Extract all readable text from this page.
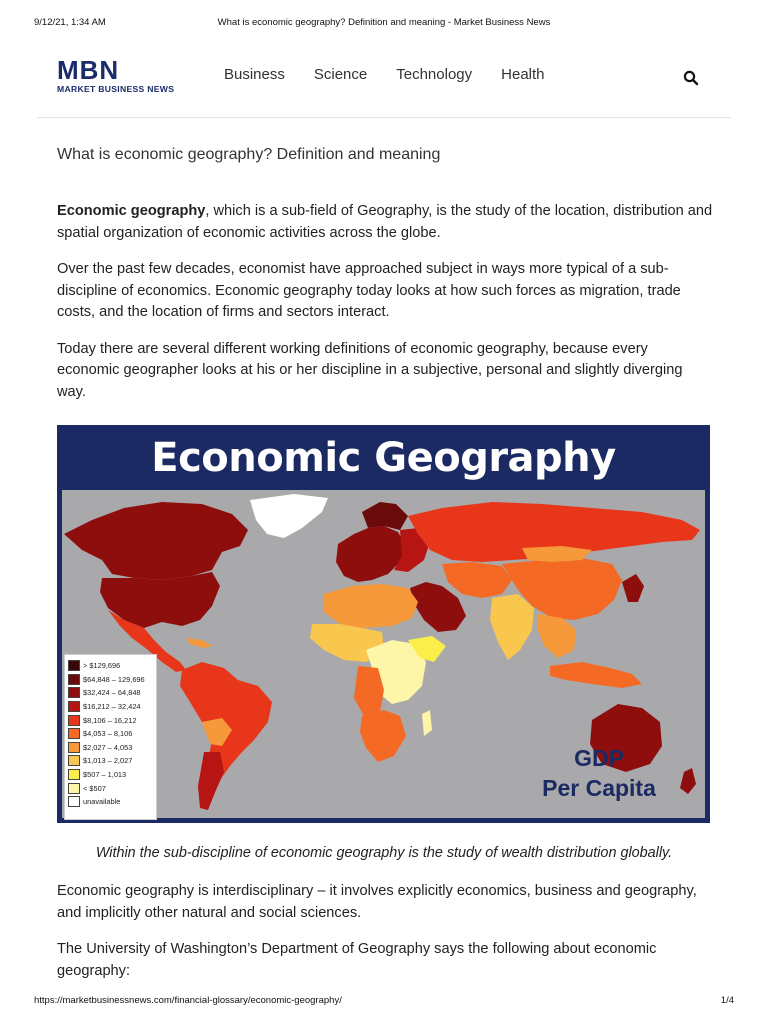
9/12/21, 1:34 AM	What is economic geography? Definition and meaning - Market Business News
MBN
MARKET BUSINESS NEWS
Business Science Technology Health
What is economic geography? Definition and meaning

Economic geography, which is a sub-field of Geography, is the study of the location, distribution and spatial organization of economic activities across the globe.

Over the past few decades, economist have approached subject in ways more typical of a sub-discipline of economics. Economic geography today looks at how such forces as migration, trade costs, and the location of firms and sectors interact.

Today there are several different working definitions of economic geography, because every economic geographer looks at his or her discipline in a subjective, personal and slightly diverging way.

Economic Geography
> $129,696
$64,848 – 129,696
$32,424 – 64,848
$16,212 – 32,424
$8,106 – 16,212
$4,053 – 8,106
$2,027 – 4,053
$1,013 – 2,027
$507 – 1,013
< $507
unavailable
GDP
Per Capita

Within the sub-discipline of economic geography is the study of wealth distribution globally.

Economic geography is interdisciplinary – it involves explicitly economics, business and geography, and implicitly other natural and social sciences.

The University of Washington’s Department of Geography says the following about economic geography:

https://marketbusinessnews.com/financial-glossary/economic-geography/	1/4
